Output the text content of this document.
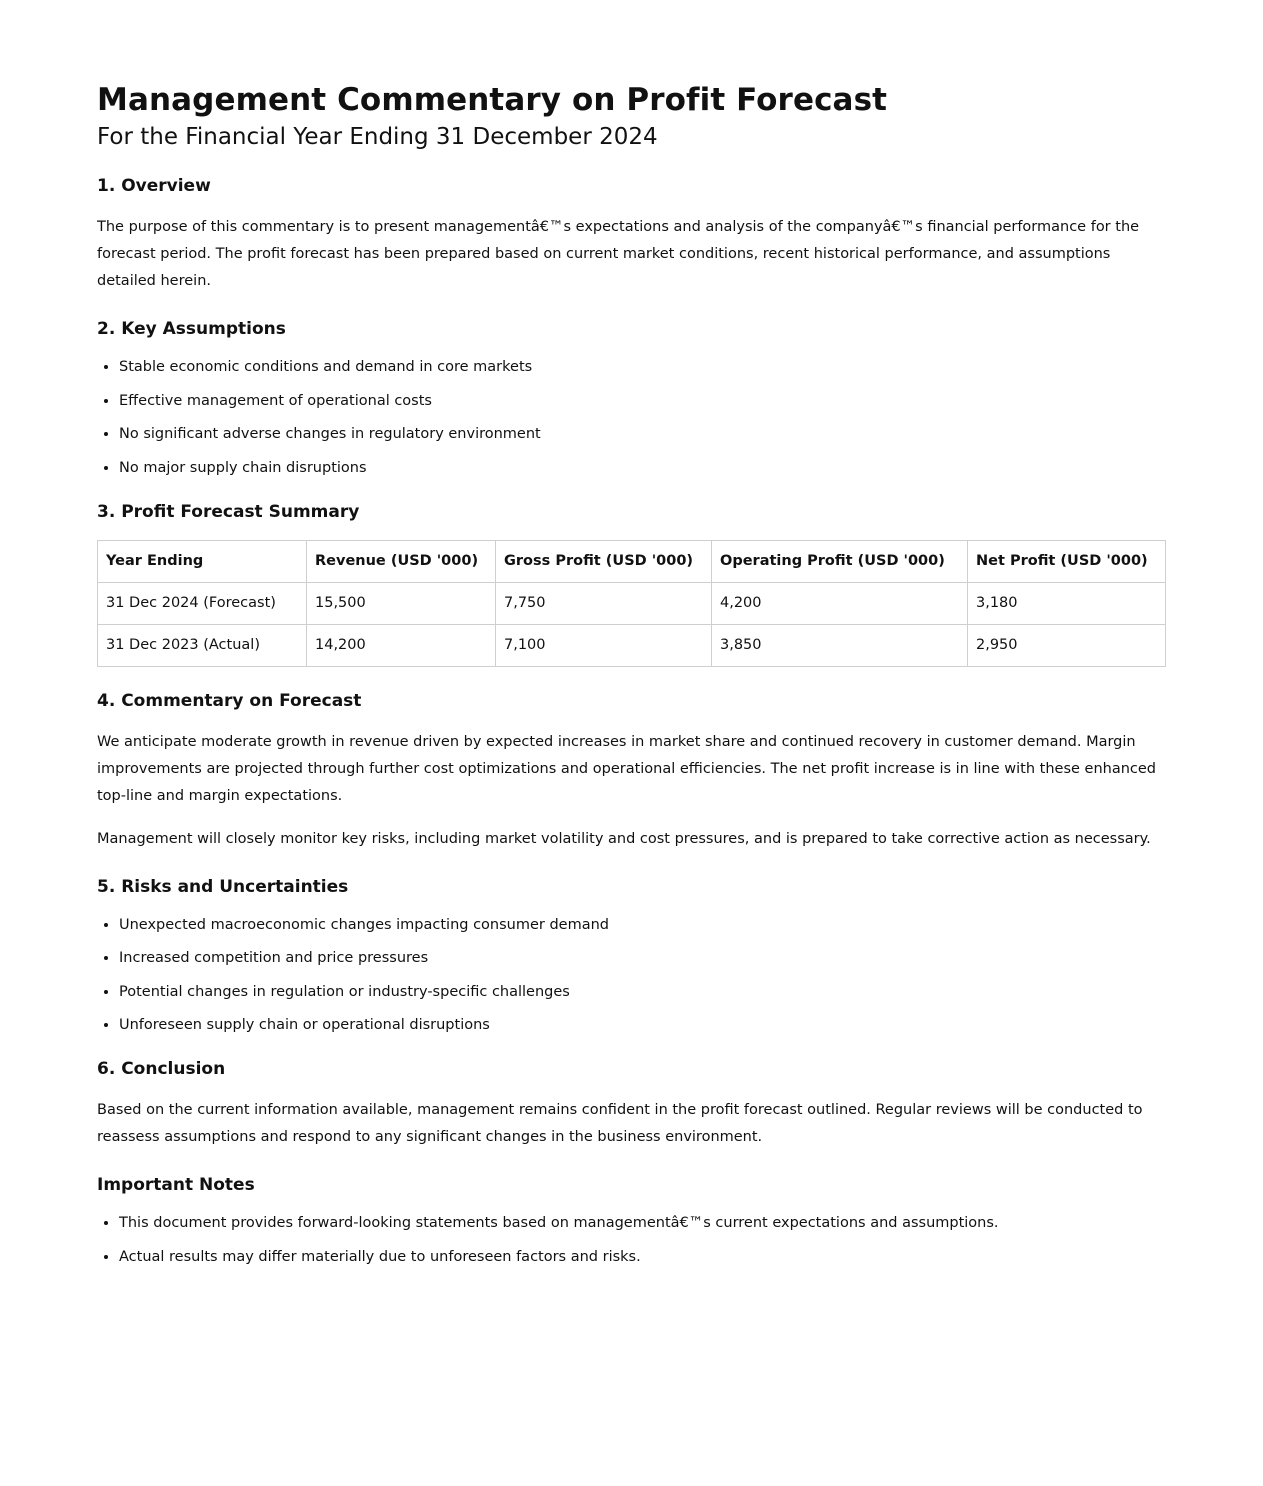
Management Commentary on Profit Forecast
For the Financial Year Ending 31 December 2024
1. Overview

The purpose of this commentary is to present managementâ€™s expectations and analysis of the companyâ€™s financial performance for the forecast period. The profit forecast has been prepared based on current market conditions, recent historical performance, and assumptions detailed herein.

2. Key Assumptions
• Stable economic conditions and demand in core markets
• Effective management of operational costs
• No significant adverse changes in regulatory environment
• No major supply chain disruptions
3. Profit Forecast Summary
Year Ending	Revenue (USD '000)	Gross Profit (USD '000)	Operating Profit (USD '000)	Net Profit (USD '000)
31 Dec 2024 (Forecast)	15,500	7,750	4,200	3,180
31 Dec 2023 (Actual)	14,200	7,100	3,850	2,950
4. Commentary on Forecast

We anticipate moderate growth in revenue driven by expected increases in market share and continued recovery in customer demand. Margin improvements are projected through further cost optimizations and operational efficiencies. The net profit increase is in line with these enhanced top-line and margin expectations.

Management will closely monitor key risks, including market volatility and cost pressures, and is prepared to take corrective action as necessary.

5. Risks and Uncertainties
• Unexpected macroeconomic changes impacting consumer demand
• Increased competition and price pressures
• Potential changes in regulation or industry-specific challenges
• Unforeseen supply chain or operational disruptions
6. Conclusion

Based on the current information available, management remains confident in the profit forecast outlined. Regular reviews will be conducted to reassess assumptions and respond to any significant changes in the business environment.

Important Notes
• This document provides forward-looking statements based on managementâ€™s current expectations and assumptions.
• Actual results may differ materially due to unforeseen factors and risks.
